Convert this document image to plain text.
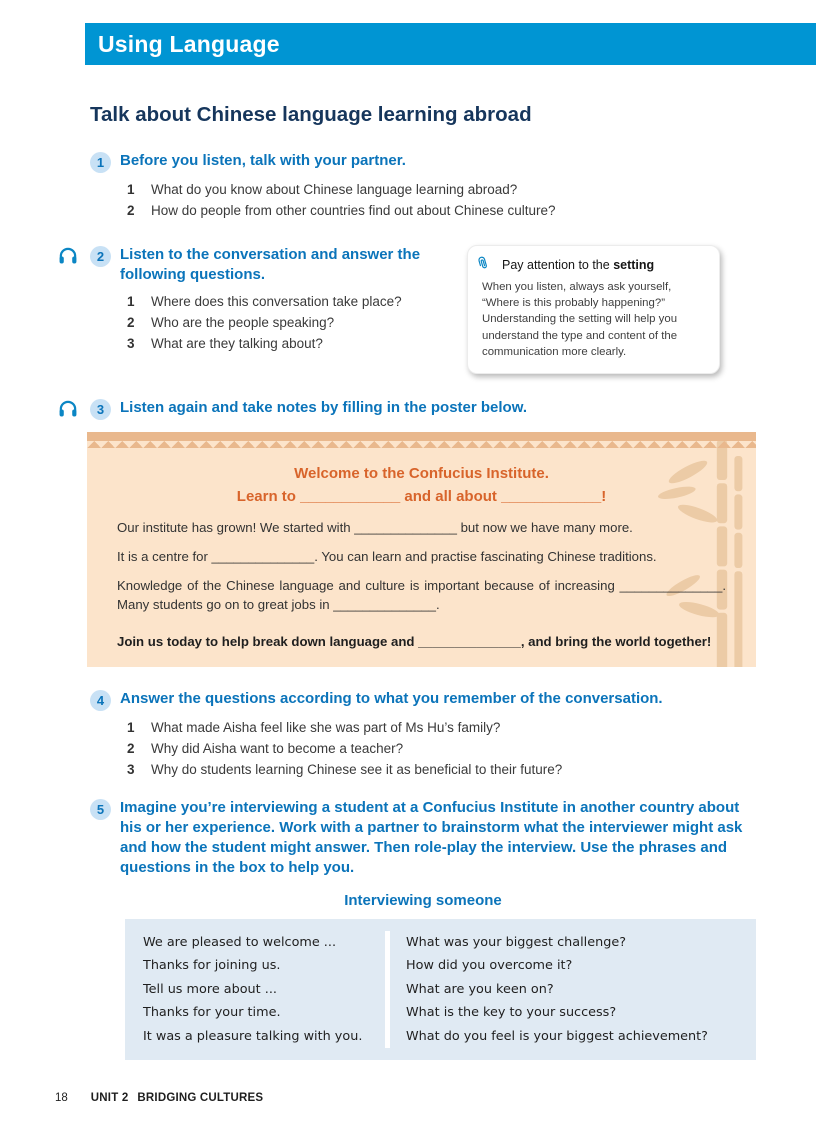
Using Language
Talk about Chinese language learning abroad
1	Before you listen, talk with your partner.
1	What do you know about Chinese language learning abroad?
2	How do people from other countries find out about Chinese culture?
2	Listen to the conversation and answer the following questions.
1	Where does this conversation take place?
2	Who are the people speaking?
3	What are they talking about?
Pay attention to the setting

When you listen, always ask yourself, “Where is this probably happening?” Understanding the setting will help you understand the type and content of the communication more clearly.

3	Listen again and take notes by filling in the poster below.

Welcome to the Confucius Institute.

Learn to ____________ and all about ____________!

Our institute has grown! We started with ______________ but now we have many more.

It is a centre for ______________. You can learn and practise fascinating Chinese traditions.

Knowledge of the Chinese language and culture is important because of increasing ______________. Many students go on to great jobs in ______________.

Join us today to help break down language and ______________, and bring the world together!

4	Answer the questions according to what you remember of the conversation.
1	What made Aisha feel like she was part of Ms Hu’s family?
2	Why did Aisha want to become a teacher?
3	Why do students learning Chinese see it as beneficial to their future?
5	Imagine you’re interviewing a student at a Confucius Institute in another country about his or her experience. Work with a partner to brainstorm what the interviewer might ask and how the student might answer. Then role-play the interview. Use the phrases and questions in the box to help you.
Interviewing someone
We are pleased to welcome ...
Thanks for joining us.
Tell us more about ...
Thanks for your time.
It was a pleasure talking with you.
What was your biggest challenge?
How did you overcome it?
What are you keen on?
What is the key to your success?
What do you feel is your biggest achievement?
18 UNIT 2 BRIDGING CULTURES
